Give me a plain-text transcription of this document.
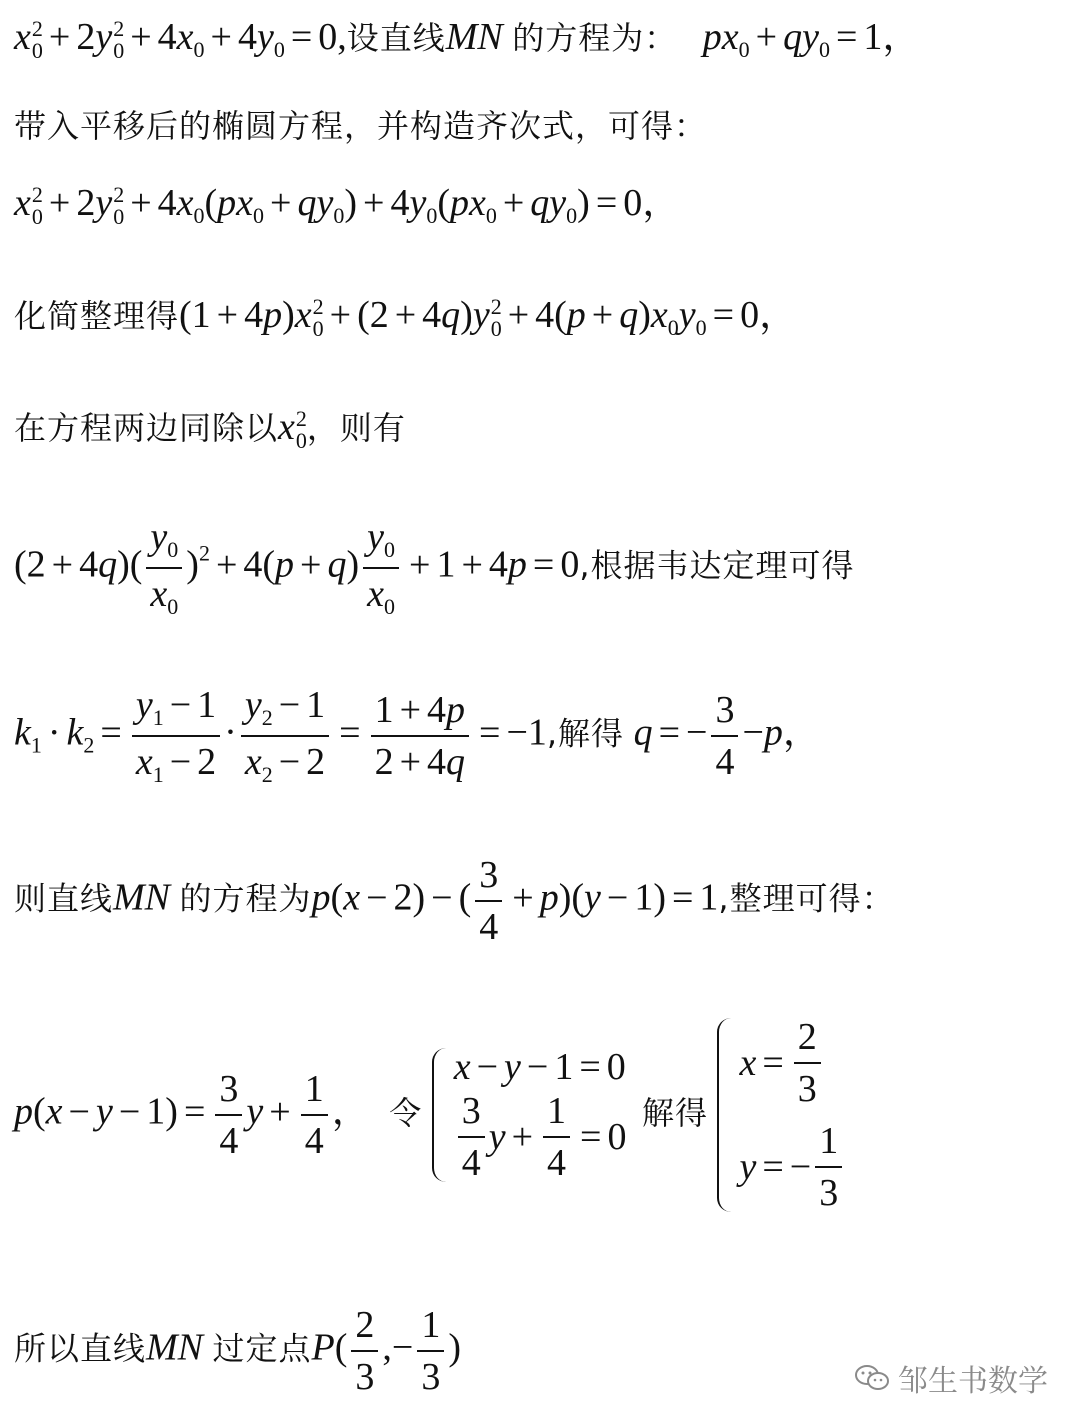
x 2
0 + 2y 2
$0 + 4x_0 + 4y_0 = 0$,设直线MN 的方程为： $px_0 + qy_0 = 1$，
带入平移后的椭圆方程，并构造齐次式，可得：
x 2
0 + 2y 2
$0 + 4x_0(px_0 + qy_0) + 4y_0(px_0 + qy_0) = 0$，
化简整理得(1 + 4p)x 2
0 + (2 + 4q)y 2
$0 + 4(p + q)x_0y_0 = 0$，
在方程两边同除以x 2
0 ，则有
$(2 + 4q)( \frac{y_0}{x_0} )^2 + 4(p + q) \frac{y_0}{x_0} + 1 + 4p = 0$,根据韦达定理可得
$k_1 \cdot k_2 = \frac{y_1 - 1}{x_1 - 2} \cdot \frac{y_2 - 1}{x_2 - 2} = \frac{1 + 4p}{2 + 4q} = -1$,解得 q = − $\frac{3}{4} -p$，
则直线MN 的方程为p(x − 2) − ( $\frac{3}{4} + p)(y - 1) = 1$,整理可得：
$p(x - y - 1) = \frac{3}{4}$ $y + \frac{1}{4}$ ， 令
x − y − 1 = 0
$\frac{3}{4}$ $y + \frac{1}{4} = 0$
解得
$x = \frac{2}{3}$
y = − $\frac{1}{3}$
所以直线MN 过定点$P( \frac{2}{3}$ ,− $\frac{1}{3}$ )
邹生书数学
